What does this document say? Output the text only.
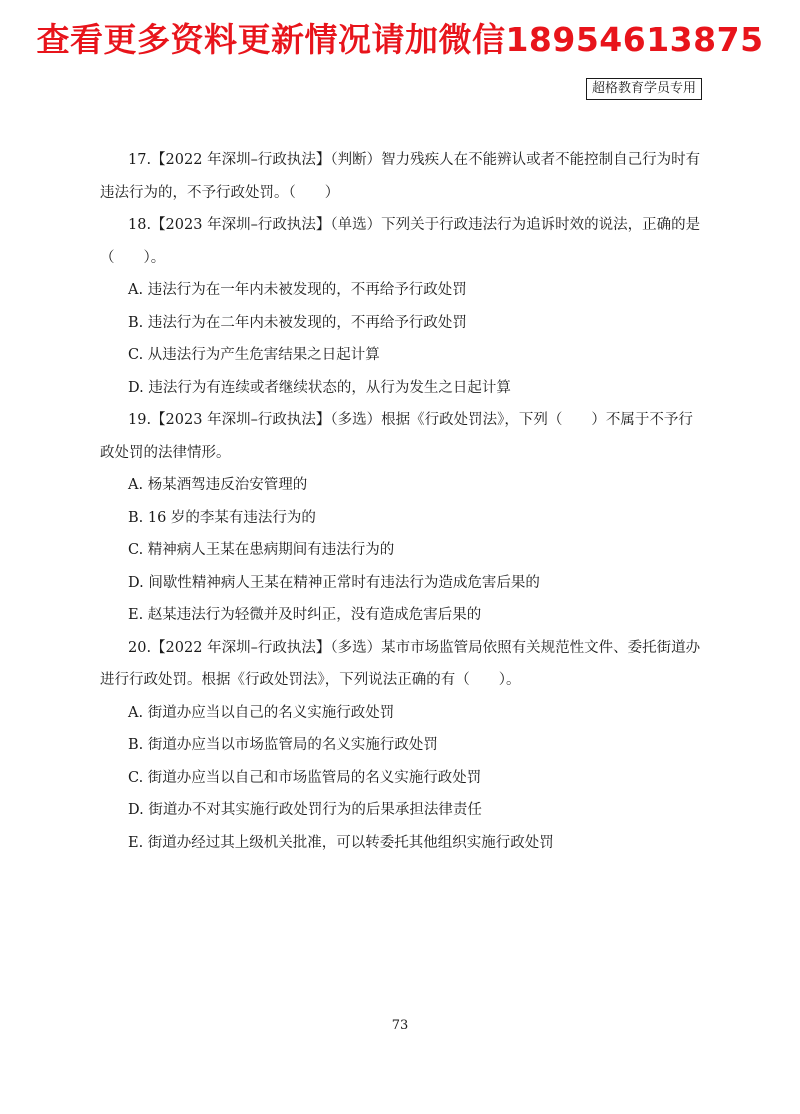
查看更多资料更新情况请加微信18954613875
超格教育学员专用

17.【2022 年深圳–行政执法】（判断）智力残疾人在不能辨认或者不能控制自己行为时有违法行为的，不予行政处罚。（　　）

18.【2023 年深圳–行政执法】（单选）下列关于行政违法行为追诉时效的说法，正确的是（　　）。

A. 违法行为在一年内未被发现的，不再给予行政处罚

B. 违法行为在二年内未被发现的，不再给予行政处罚

C. 从违法行为产生危害结果之日起计算

D. 违法行为有连续或者继续状态的，从行为发生之日起计算

19.【2023 年深圳–行政执法】（多选）根据《行政处罚法》，下列（　　）不属于不予行政处罚的法律情形。

A. 杨某酒驾违反治安管理的

B. 16 岁的李某有违法行为的

C. 精神病人王某在患病期间有违法行为的

D. 间歇性精神病人王某在精神正常时有违法行为造成危害后果的

E. 赵某违法行为轻微并及时纠正，没有造成危害后果的

20.【2022 年深圳–行政执法】（多选）某市市场监管局依照有关规范性文件、委托街道办进行行政处罚。根据《行政处罚法》，下列说法正确的有（　　）。

A. 街道办应当以自己的名义实施行政处罚

B. 街道办应当以市场监管局的名义实施行政处罚

C. 街道办应当以自己和市场监管局的名义实施行政处罚

D. 街道办不对其实施行政处罚行为的后果承担法律责任

E. 街道办经过其上级机关批准，可以转委托其他组织实施行政处罚

73
